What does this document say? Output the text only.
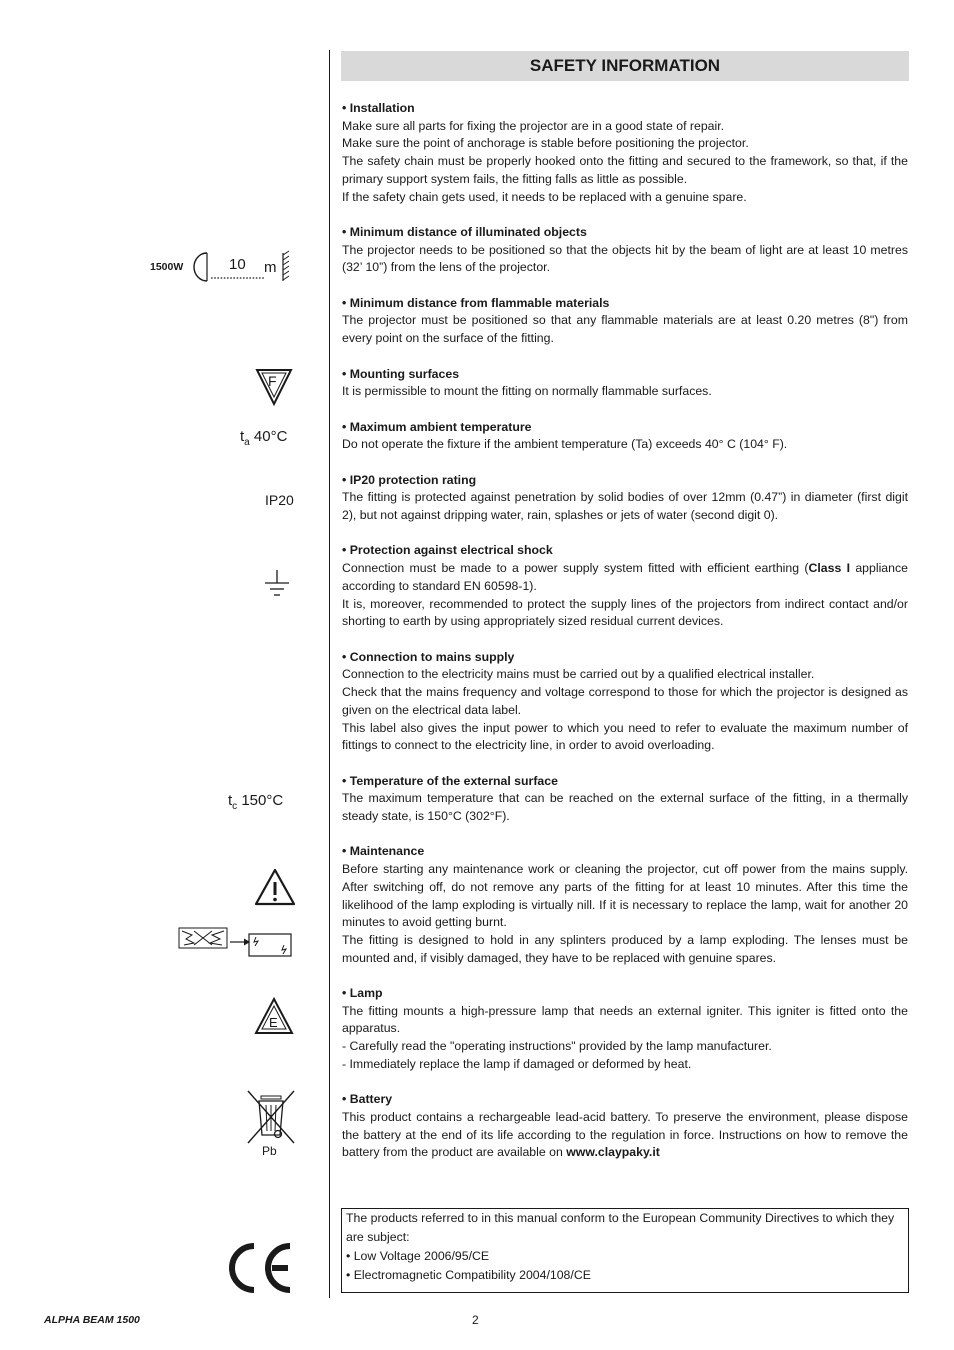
SAFETY INFORMATION
• Installation

Make sure all parts for fixing the projector are in a good state of repair.

Make sure the point of anchorage is stable before positioning the projector.

The safety chain must be properly hooked onto the fitting and secured to the framework, so that, if the primary support system fails, the fitting falls as little as possible.

If the safety chain gets used, it needs to be replaced with a genuine spare.

• Minimum distance of illuminated objects

The projector needs to be positioned so that the objects hit by the beam of light are at least 10 metres (32’ 10”) from the lens of the projector.

• Minimum distance from flammable materials

The projector must be positioned so that any flammable materials are at least 0.20 metres (8") from every point on the surface of the fitting.

• Mounting surfaces

It is permissible to mount the fitting on normally flammable surfaces.

• Maximum ambient temperature

Do not operate the fixture if the ambient temperature (Ta) exceeds 40° C (104° F).

• IP20 protection rating

The fitting is protected against penetration by solid bodies of over 12mm (0.47”) in diameter (first digit 2), but not against dripping water, rain, splashes or jets of water (second digit 0).

• Protection against electrical shock

Connection must be made to a power supply system fitted with efficient earthing (Class I appliance according to standard EN 60598-1).

It is, moreover, recommended to protect the supply lines of the projectors from indirect contact and/or shorting to earth by using appropriately sized residual current devices.

• Connection to mains supply

Connection to the electricity mains must be carried out by a qualified electrical installer.

Check that the mains frequency and voltage correspond to those for which the projector is designed as given on the electrical data label.

This label also gives the input power to which you need to refer to evaluate the maximum number of fittings to connect to the electricity line, in order to avoid overloading.

• Temperature of the external surface

The maximum temperature that can be reached on the external surface of the fitting, in a thermally steady state, is 150°C (302°F).

• Maintenance

Before starting any maintenance work or cleaning the projector, cut off power from the mains supply. After switching off, do not remove any parts of the fitting for at least 10 minutes. After this time the likelihood of the lamp exploding is virtually nill. If it is necessary to replace the lamp, wait for another 20 minutes to avoid getting burnt.

The fitting is designed to hold in any splinters produced by a lamp exploding. The lenses must be mounted and, if visibly damaged, they have to be replaced with genuine spares.

• Lamp

The fitting mounts a high-pressure lamp that needs an external igniter. This igniter is fitted onto the apparatus.

- Carefully read the "operating instructions" provided by the lamp manufacturer.

- Immediately replace the lamp if damaged or deformed by heat.

• Battery

This product contains a rechargeable lead-acid battery. To preserve the environment, please dispose the battery at the end of its life according to the regulation in force. Instructions on how to remove the battery from the product are available on www.claypaky.it

The products referred to in this manual conform to the European Community Directives to which they are subject:

• Low Voltage 2006/95/CE

• Electromagnetic Compatibility 2004/108/CE

1500W	10 m
F
$t_a$ 40°C
IP20
$t_c$ 150°C
E
Pb
ALPHA BEAM 1500	2
